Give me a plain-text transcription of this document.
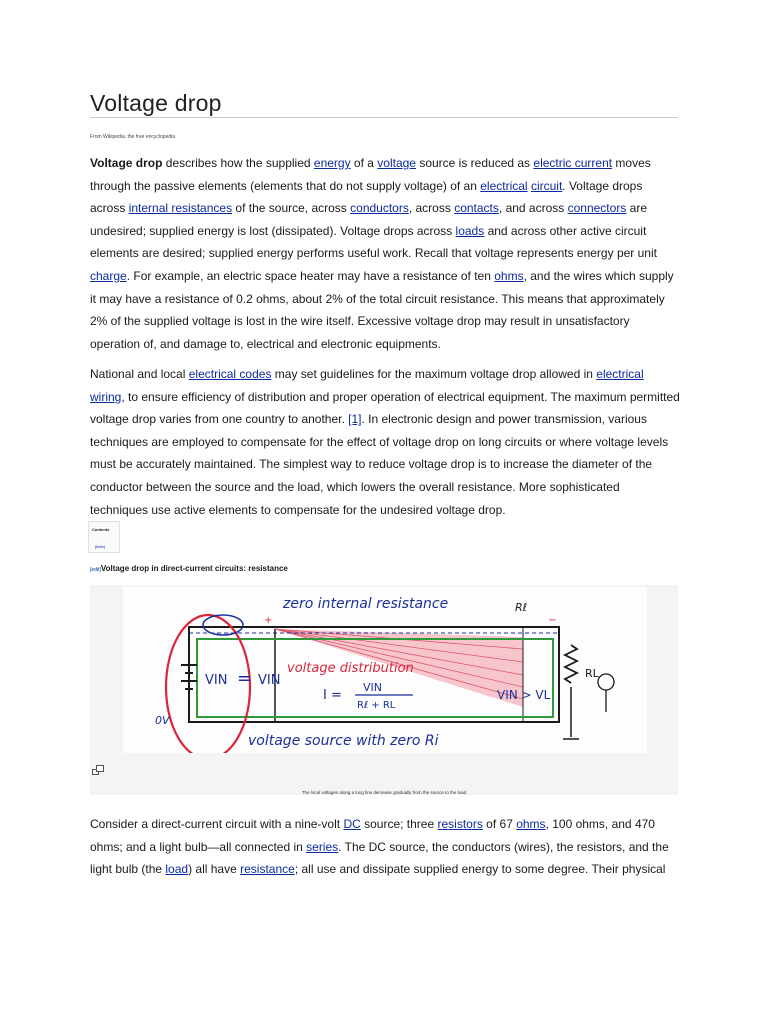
Voltage drop
From Wikipedia, the free encyclopedia

Voltage drop describes how the supplied energy of a voltage source is reduced as electric current moves through the passive elements (elements that do not supply voltage) of an electrical circuit. Voltage drops across internal resistances of the source, across conductors, across contacts, and across connectors are undesired; supplied energy is lost (dissipated). Voltage drops across loads and across other active circuit elements are desired; supplied energy performs useful work. Recall that voltage represents energy per unit charge. For example, an electric space heater may have a resistance of ten ohms, and the wires which supply it may have a resistance of 0.2 ohms, about 2% of the total circuit resistance. This means that approximately 2% of the supplied voltage is lost in the wire itself. Excessive voltage drop may result in unsatisfactory operation of, and damage to, electrical and electronic equipments.

National and local electrical codes may set guidelines for the maximum voltage drop allowed in electrical wiring, to ensure efficiency of distribution and proper operation of electrical equipment. The maximum permitted voltage drop varies from one country to another. [1]. In electronic design and power transmission, various techniques are employed to compensate for the effect of voltage drop on long circuits or where voltage levels must be accurately maintained. The simplest way to reduce voltage drop is to increase the diameter of the conductor between the source and the load, which lowers the overall resistance. More sophisticated techniques use active elements to compensate for the undesired voltage drop.

Contents
[hide]
[edit]Voltage drop in direct-current circuits: resistance
zero internal resistance	Rℓ
voltage distribution
VIN = VIN
I =
VIN
Rℓ + RL
VIN > VL
RL
0V
voltage source with zero Ri
+	−
The local voltages along a long line decrease gradually from the source to the load

Consider a direct-current circuit with a nine-volt DC source; three resistors of 67 ohms, 100 ohms, and 470 ohms; and a light bulb—all connected in series. The DC source, the conductors (wires), the resistors, and the light bulb (the load) all have resistance; all use and dissipate supplied energy to some degree. Their physical
